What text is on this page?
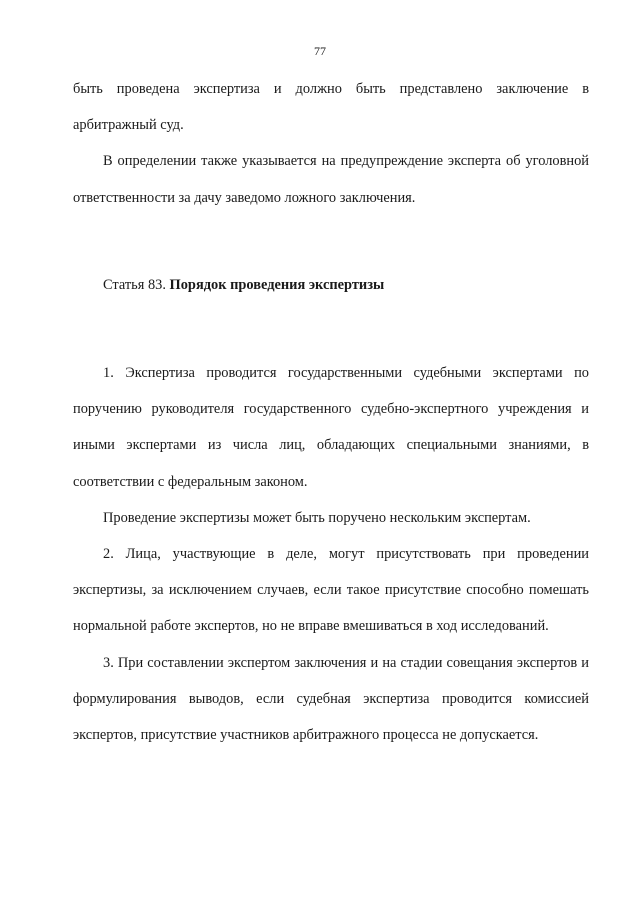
77

быть проведена экспертиза и должно быть представлено заключение в арбитражный суд.

В определении также указывается на предупреждение эксперта об уголовной ответственности за дачу заведомо ложного заключения.

Статья 83. Порядок проведения экспертизы

1. Экспертиза проводится государственными судебными экспертами по поручению руководителя государственного судебно-экспертного учреждения и иными экспертами из числа лиц, обладающих специальными знаниями, в соответствии с федеральным законом.

Проведение экспертизы может быть поручено нескольким экспертам.

2. Лица, участвующие в деле, могут присутствовать при проведении экспертизы, за исключением случаев, если такое присутствие способно помешать нормальной работе экспертов, но не вправе вмешиваться в ход исследований.

3. При составлении экспертом заключения и на стадии совещания экспертов и формулирования выводов, если судебная экспертиза проводится комиссией экспертов, присутствие участников арбитражного процесса не допускается.
